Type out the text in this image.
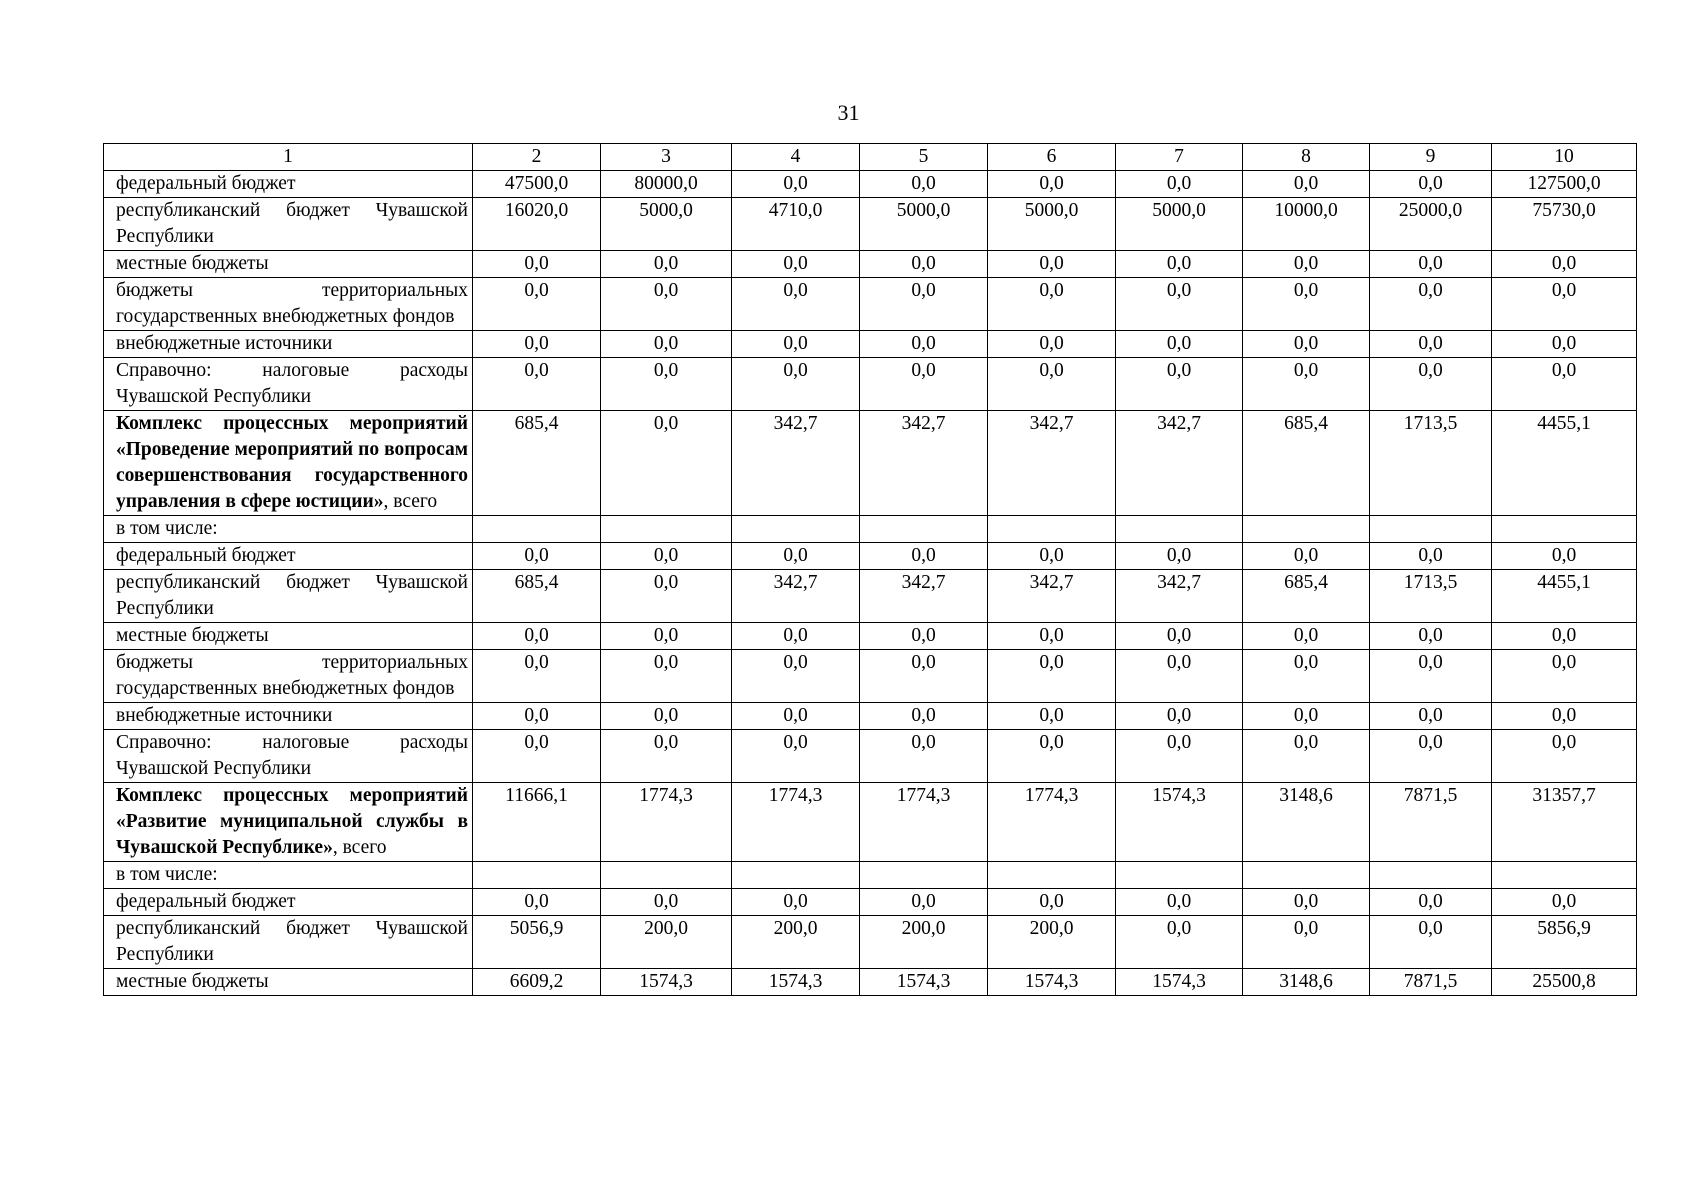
31
1	2	3	4	5	6	7	8	9	10
федеральный бюджет	47500,0	80000,0	0,0	0,0	0,0	0,0	0,0	0,0	127500,0
республиканский бюджет Чувашской Республики	16020,0	5000,0	4710,0	5000,0	5000,0	5000,0	10000,0	25000,0	75730,0
местные бюджеты	0,0	0,0	0,0	0,0	0,0	0,0	0,0	0,0	0,0
бюджеты территориальных государственных внебюджетных фондов	0,0	0,0	0,0	0,0	0,0	0,0	0,0	0,0	0,0
внебюджетные источники	0,0	0,0	0,0	0,0	0,0	0,0	0,0	0,0	0,0
Справочно: налоговые расходы Чувашской Республики	0,0	0,0	0,0	0,0	0,0	0,0	0,0	0,0	0,0
Комплекс процессных мероприятий «Проведение мероприятий по вопросам совершенствования государственного управления в сфере юстиции», всего	685,4	0,0	342,7	342,7	342,7	342,7	685,4	1713,5	4455,1
в том числе:									
федеральный бюджет	0,0	0,0	0,0	0,0	0,0	0,0	0,0	0,0	0,0
республиканский бюджет Чувашской Республики	685,4	0,0	342,7	342,7	342,7	342,7	685,4	1713,5	4455,1
местные бюджеты	0,0	0,0	0,0	0,0	0,0	0,0	0,0	0,0	0,0
бюджеты территориальных государственных внебюджетных фондов	0,0	0,0	0,0	0,0	0,0	0,0	0,0	0,0	0,0
внебюджетные источники	0,0	0,0	0,0	0,0	0,0	0,0	0,0	0,0	0,0
Справочно: налоговые расходы Чувашской Республики	0,0	0,0	0,0	0,0	0,0	0,0	0,0	0,0	0,0
Комплекс процессных мероприятий «Развитие муниципальной службы в Чувашской Республике», всего	11666,1	1774,3	1774,3	1774,3	1774,3	1574,3	3148,6	7871,5	31357,7
в том числе:									
федеральный бюджет	0,0	0,0	0,0	0,0	0,0	0,0	0,0	0,0	0,0
республиканский бюджет Чувашской Республики	5056,9	200,0	200,0	200,0	200,0	0,0	0,0	0,0	5856,9
местные бюджеты	6609,2	1574,3	1574,3	1574,3	1574,3	1574,3	3148,6	7871,5	25500,8
